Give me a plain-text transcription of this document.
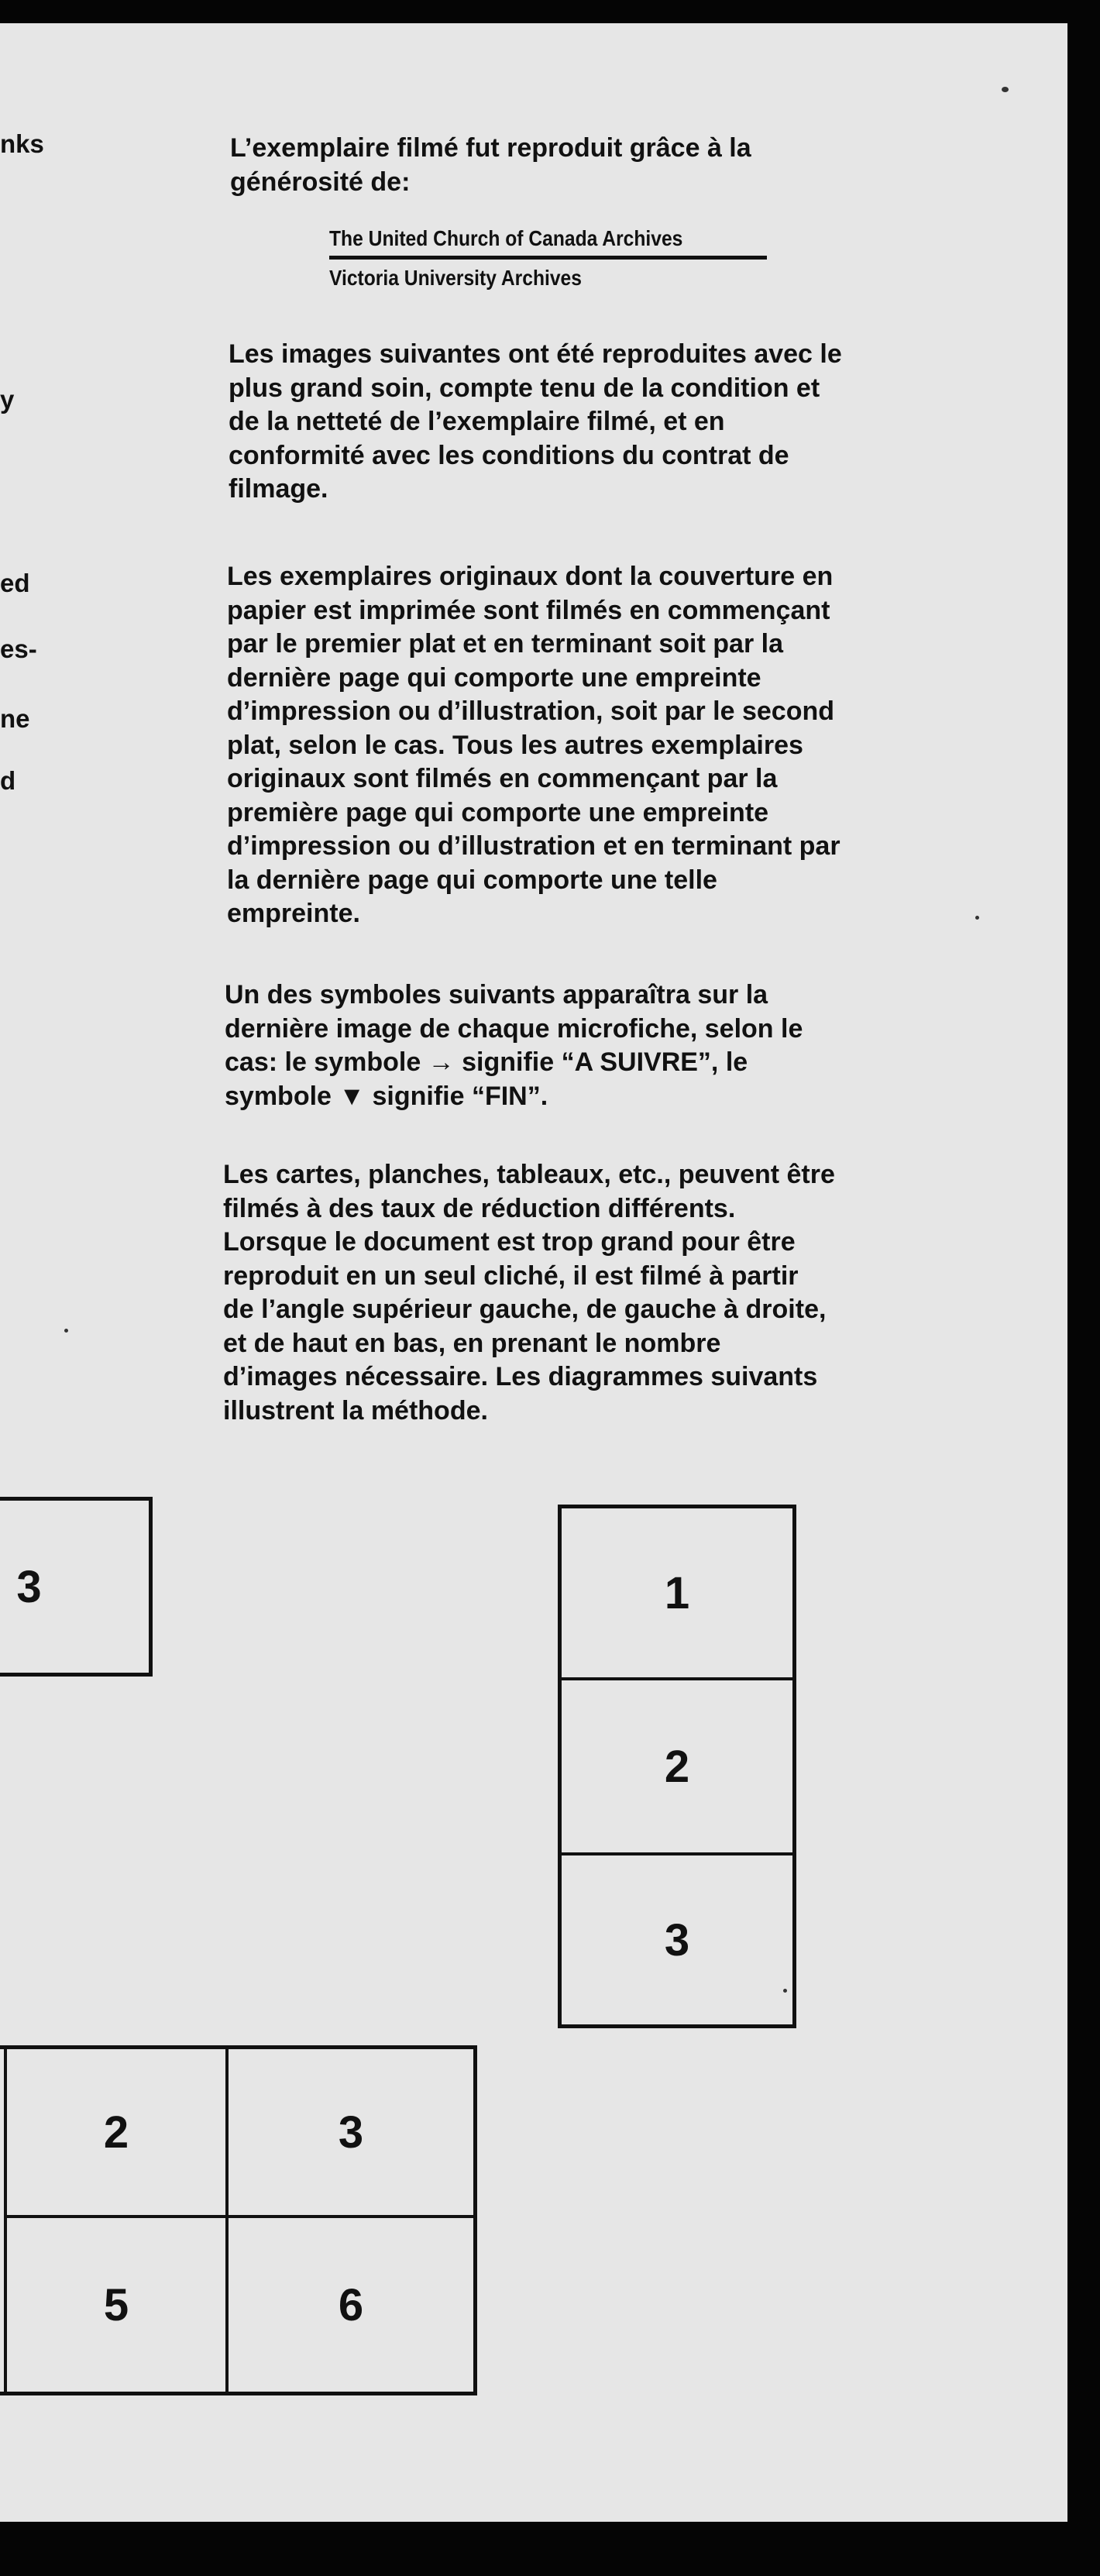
nks
y
ed
es-
ne
d
L’exemplaire filmé fut reproduit grâce à la
générosité de:
The United Church of Canada Archives
Victoria University Archives
Les images suivantes ont été reproduites avec le
plus grand soin, compte tenu de la condition et
de la netteté de l’exemplaire filmé, et en
conformité avec les conditions du contrat de
filmage.
Les exemplaires originaux dont la couverture en
papier est imprimée sont filmés en commençant
par le premier plat et en terminant soit par la
dernière page qui comporte une empreinte
d’impression ou d’illustration, soit par le second
plat, selon le cas. Tous les autres exemplaires
originaux sont filmés en commençant par la
première page qui comporte une empreinte
d’impression ou d’illustration et en terminant par
la dernière page qui comporte une telle
empreinte.
Un des symboles suivants apparaîtra sur la
dernière image de chaque microfiche, selon le
cas: le symbole → signifie “A SUIVRE”, le
symbole ▼ signifie “FIN”.
Les cartes, planches, tableaux, etc., peuvent être
filmés à des taux de réduction différents.
Lorsque le document est trop grand pour être
reproduit en un seul cliché, il est filmé à partir
de l’angle supérieur gauche, de gauche à droite,
et de haut en bas, en prenant le nombre
d’images nécessaire. Les diagrammes suivants
illustrent la méthode.
3	1
2
3
2	3
5	6
